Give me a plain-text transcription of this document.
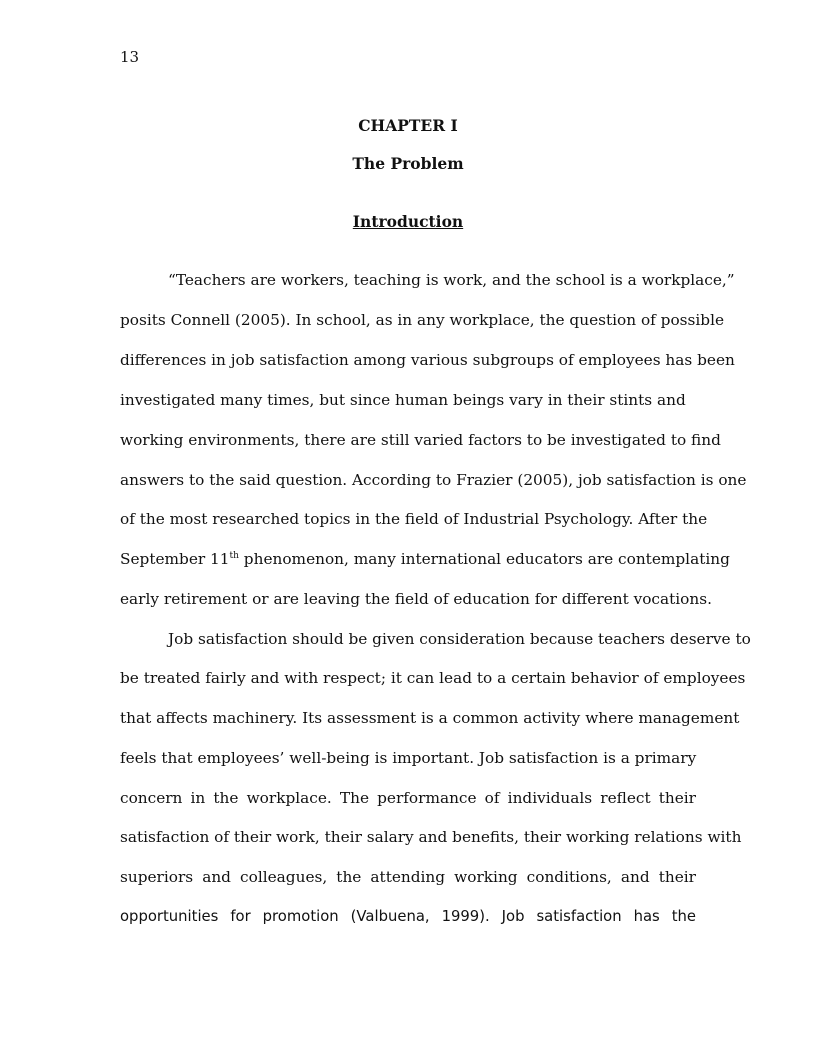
13
CHAPTER I
The Problem
Introduction
“Teachers are workers, teaching is work, and the school is a workplace,”
posits Connell (2005). In school, as in any workplace, the question of possible
differences in job satisfaction among various subgroups of employees has been
investigated many times, but since human beings vary in their stints and
working environments, there are still varied factors to be investigated to find
answers to the said question. According to Frazier (2005), job satisfaction is one
of the most researched topics in the field of Industrial Psychology. After the
September 11th phenomenon, many international educators are contemplating
early retirement or are leaving the field of education for different vocations.
Job satisfaction should be given consideration because teachers deserve to
be treated fairly and with respect; it can lead to a certain behavior of employees
that affects machinery. Its assessment is a common activity where management
feels that employees’ well-being is important. Job satisfaction is a primary
concern in the workplace. The performance of individuals reflect their
satisfaction of their work, their salary and benefits, their working relations with
superiors and colleagues, the attending working conditions, and their
opportunities for promotion (Valbuena, 1999). Job satisfaction has the
